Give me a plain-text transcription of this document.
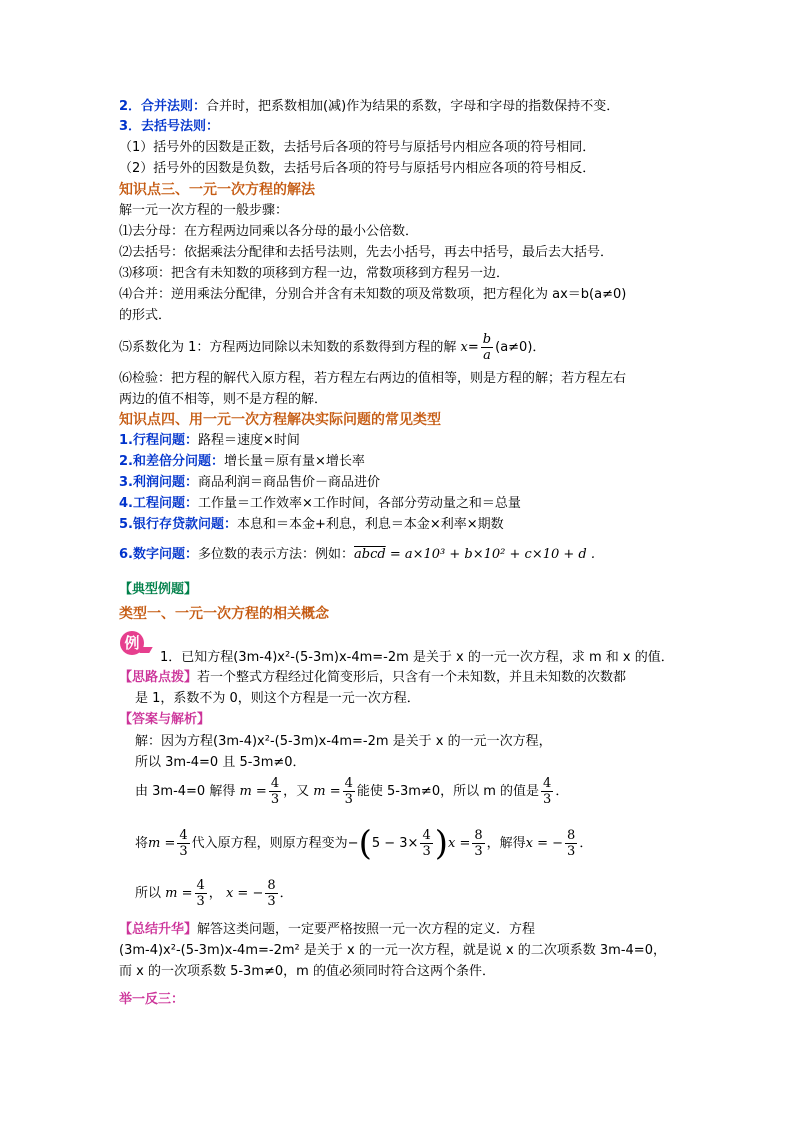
2．合并法则：合并时，把系数相加(减)作为结果的系数，字母和字母的指数保持不变．
3．去括号法则：
（1）括号外的因数是正数，去括号后各项的符号与原括号内相应各项的符号相同．
（2）括号外的因数是负数，去括号后各项的符号与原括号内相应各项的符号相反．
知识点三、一元一次方程的解法
解一元一次方程的一般步骤：
⑴去分母：在方程两边同乘以各分母的最小公倍数．
⑵去括号：依据乘法分配律和去括号法则，先去小括号，再去中括号，最后去大括号．
⑶移项：把含有未知数的项移到方程一边，常数项移到方程另一边．
⑷合并：逆用乘法分配律，分别合并含有未知数的项及常数项，把方程化为 ax＝b(a≠0)
的形式．
⑸系数化为 1：方程两边同除以未知数的系数得到方程的解 $x= \frac{b}{a} (a\ne 0)$．
⑹检验：把方程的解代入原方程，若方程左右两边的值相等，则是方程的解；若方程左右
两边的值不相等，则不是方程的解．
知识点四、用一元一次方程解决实际问题的常见类型
1.行程问题：路程＝速度×时间
2.和差倍分问题：增长量＝原有量×增长率
3.利润问题：商品利润＝商品售价－商品进价
4.工程问题：工作量＝工作效率×工作时间，各部分劳动量之和＝总量
5.银行存贷款问题：本息和＝本金+利息，利息＝本金×利率×期数
6.数字问题：多位数的表示方法：例如：abcd = a×10³ + b×10² + c×10 + d .
【典型例题】
类型一、一元一次方程的相关概念
例
1．已知方程(3m-4)x²-(5-3m)x-4m=-2m 是关于 x 的一元一次方程，求 m 和 x 的值．
【思路点拨】若一个整式方程经过化简变形后，只含有一个未知数，并且未知数的次数都
是 1，系数不为 0，则这个方程是一元一次方程．
【答案与解析】
解：因为方程(3m-4)x²-(5-3m)x-4m=-2m 是关于 x 的一元一次方程，
所以 3m-4=0 且 5-3m≠0．
由 3m-4=0 解得 $m = \frac{4}{3}$ ，又 $m = \frac{4}{3}$ 能使 5-3m≠0，所以 m 的值是 $\frac{4}{3}$ ．
将$m = \frac{4}{3}$ 代入原方程，则原方程变为$-(5 - 3\times \frac{4}{3} )x = \frac{8}{3}$ ，解得x = − $\frac{8}{3}$ ．
所以 $m = \frac{4}{3}$ ， x = − $\frac{8}{3}$ ．
【总结升华】解答这类问题，一定要严格按照一元一次方程的定义．方程
(3m-4)x²-(5-3m)x-4m=-2m² 是关于 x 的一元一次方程，就是说 x 的二次项系数 3m-4=0，
而 x 的一次项系数 5-3m≠0，m 的值必须同时符合这两个条件．
举一反三：
